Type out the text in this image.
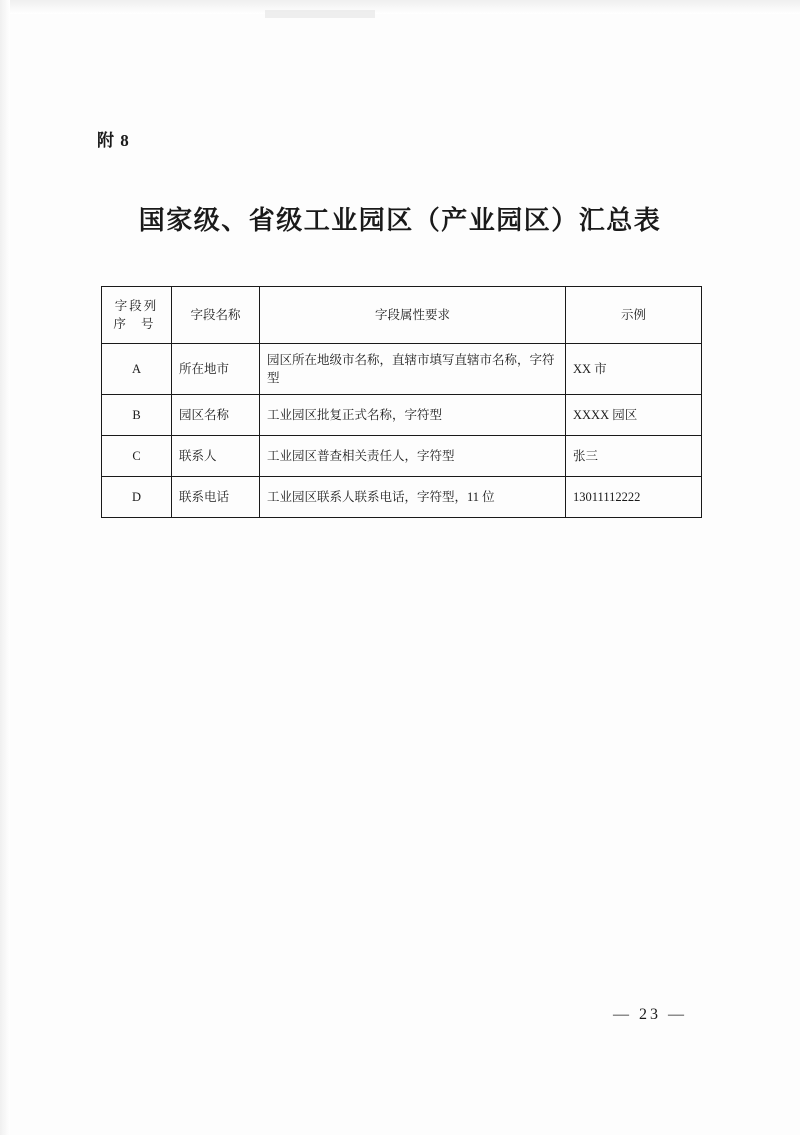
附 8
国家级、省级工业园区（产业园区）汇总表
字段列
序 号	字段名称	字段属性要求	示例
A	所在地市	园区所在地级市名称，直辖市填写直辖市名称，字符型	XX 市
B	园区名称	工业园区批复正式名称，字符型	XXXX 园区
C	联系人	工业园区普查相关责任人，字符型	张三
D	联系电话	工业园区联系人联系电话，字符型，11 位	13011112222
— 23 —
